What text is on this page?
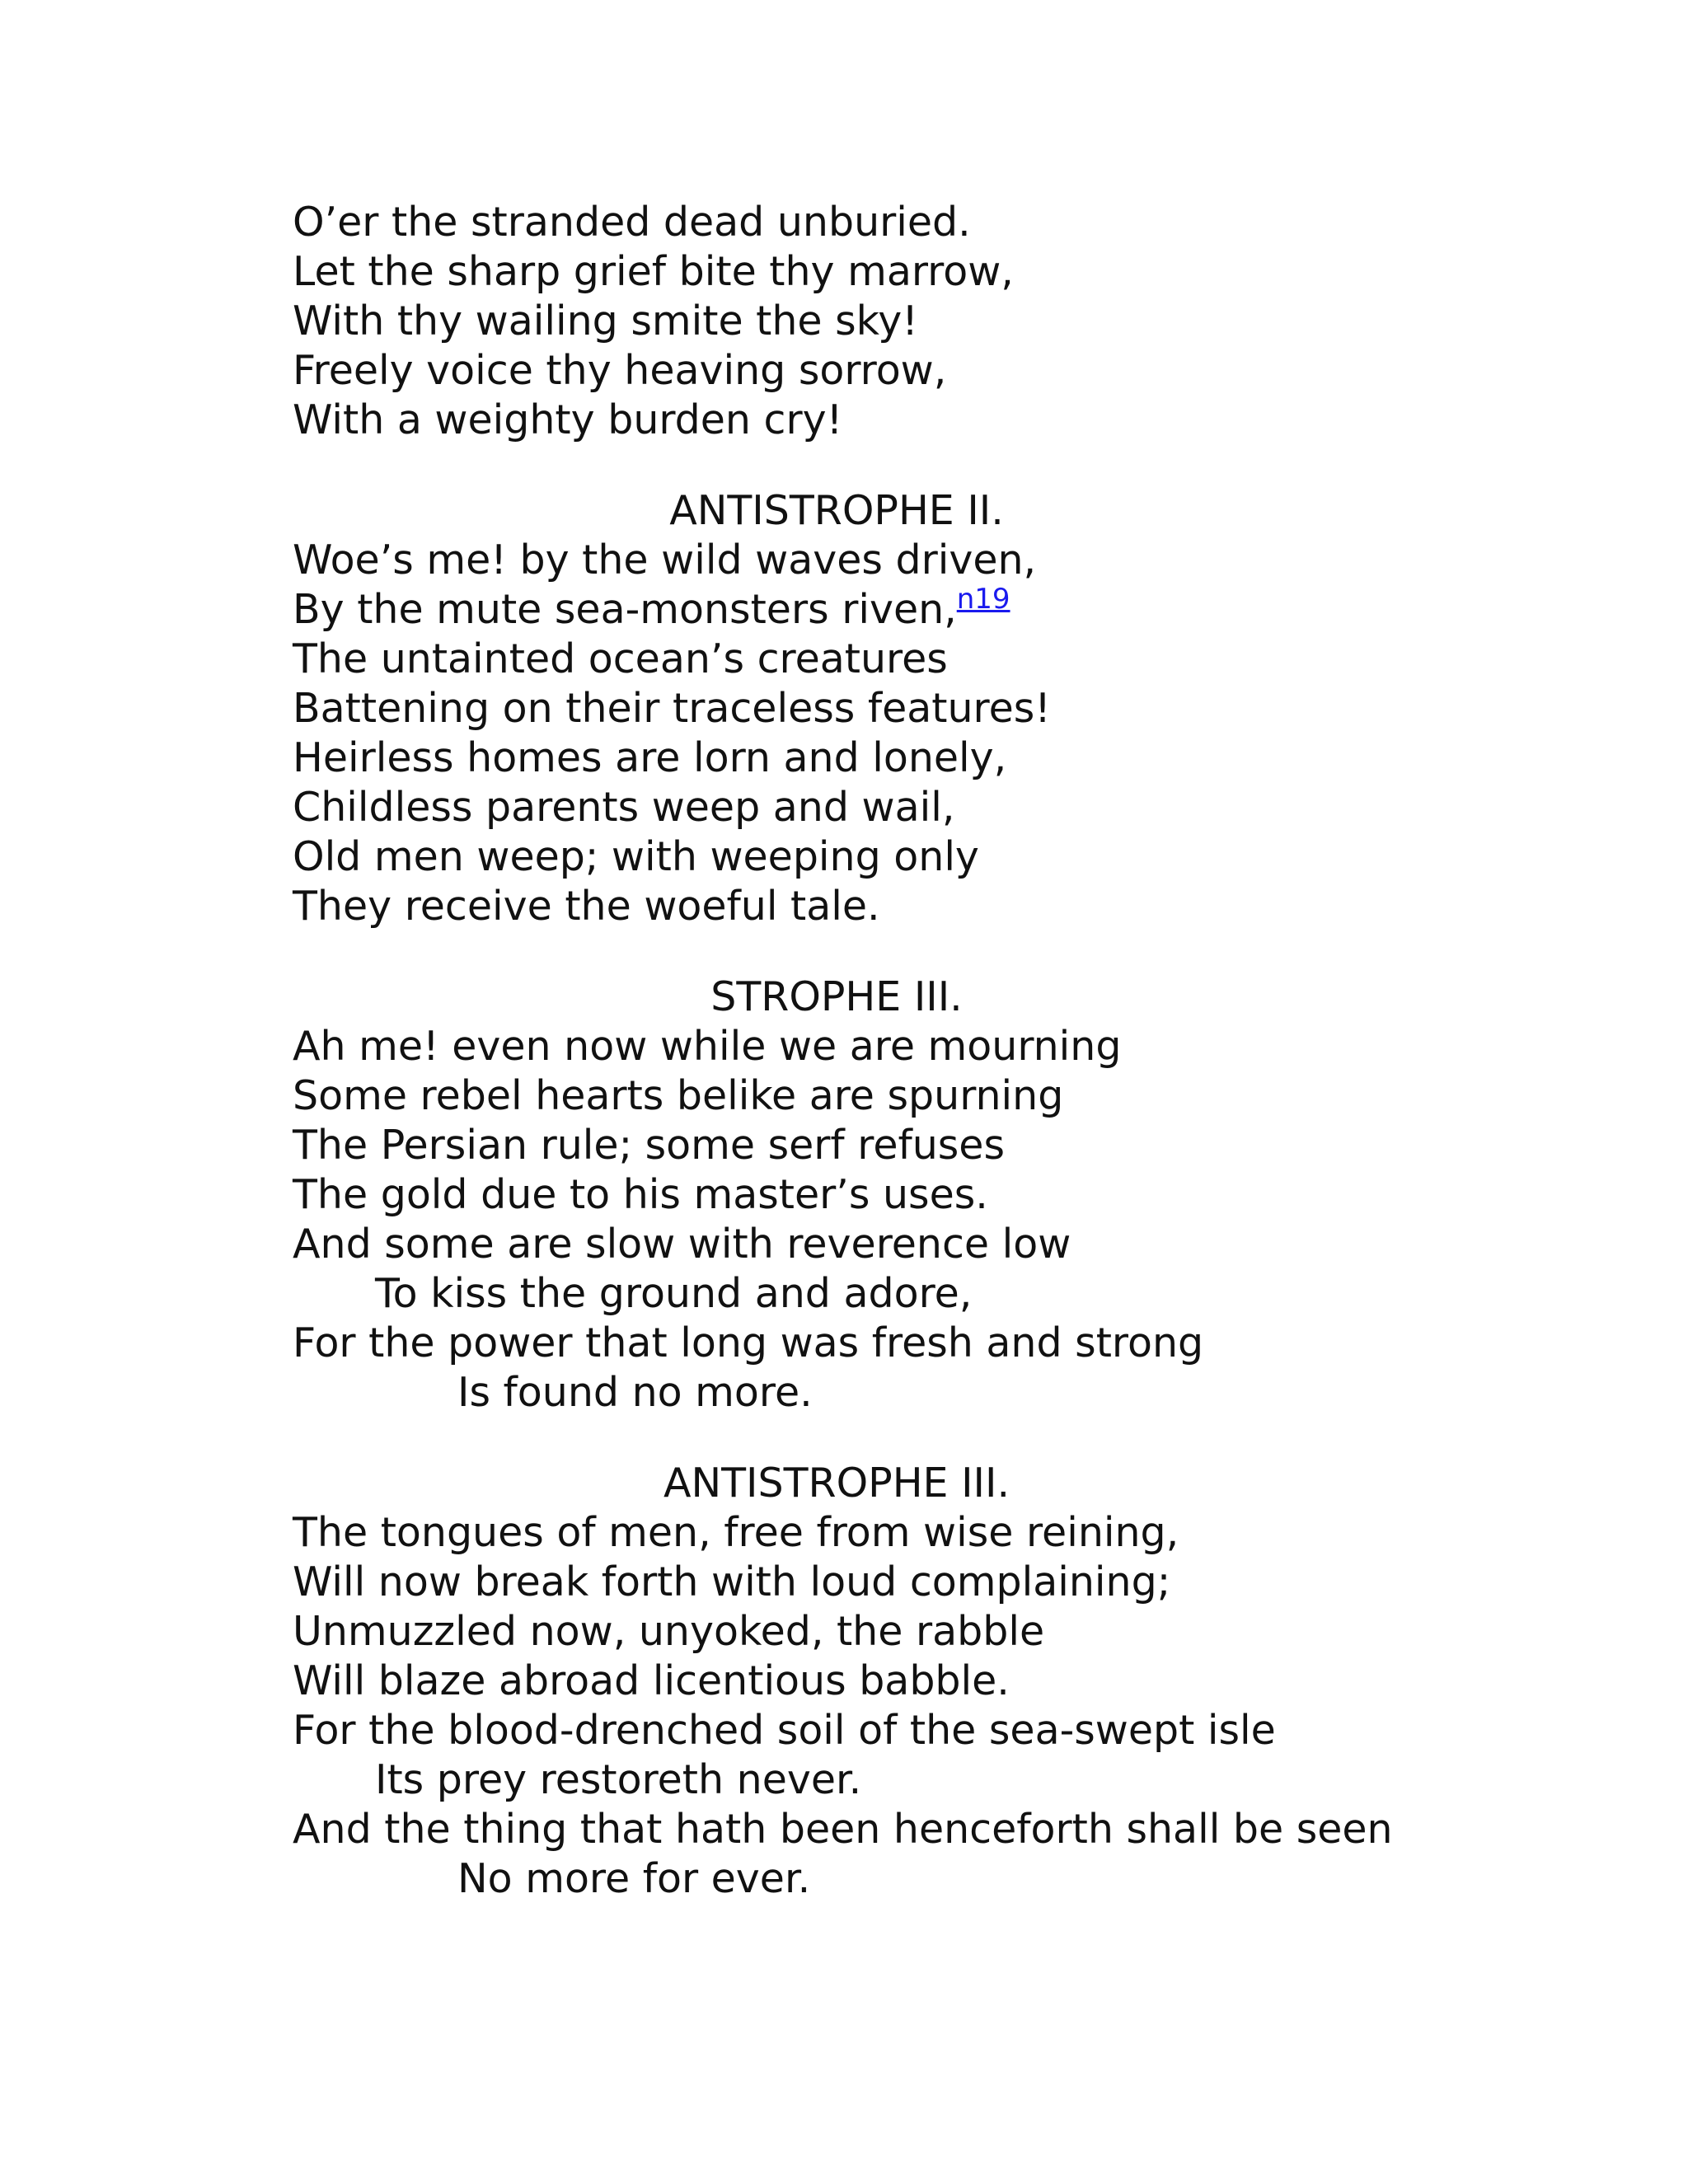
O’er the stranded dead unburied.

Let the sharp grief bite thy marrow,

With thy wailing smite the sky!

Freely voice thy heaving sorrow,

With a weighty burden cry!

ANTISTROPHE II.

Woe’s me! by the wild waves driven,

By the mute sea-monsters riven,$^{n19}$

The untainted ocean’s creatures

Battening on their traceless features!

Heirless homes are lorn and lonely,

Childless parents weep and wail,

Old men weep; with weeping only

They receive the woeful tale.

STROPHE III.

Ah me! even now while we are mourning

Some rebel hearts belike are spurning

The Persian rule; some serf refuses

The gold due to his master’s uses.

And some are slow with reverence low

To kiss the ground and adore,

For the power that long was fresh and strong

Is found no more.

ANTISTROPHE III.

The tongues of men, free from wise reining,

Will now break forth with loud complaining;

Unmuzzled now, unyoked, the rabble

Will blaze abroad licentious babble.

For the blood-drenched soil of the sea-swept isle

Its prey restoreth never.

And the thing that hath been henceforth shall be seen

No more for ever.
